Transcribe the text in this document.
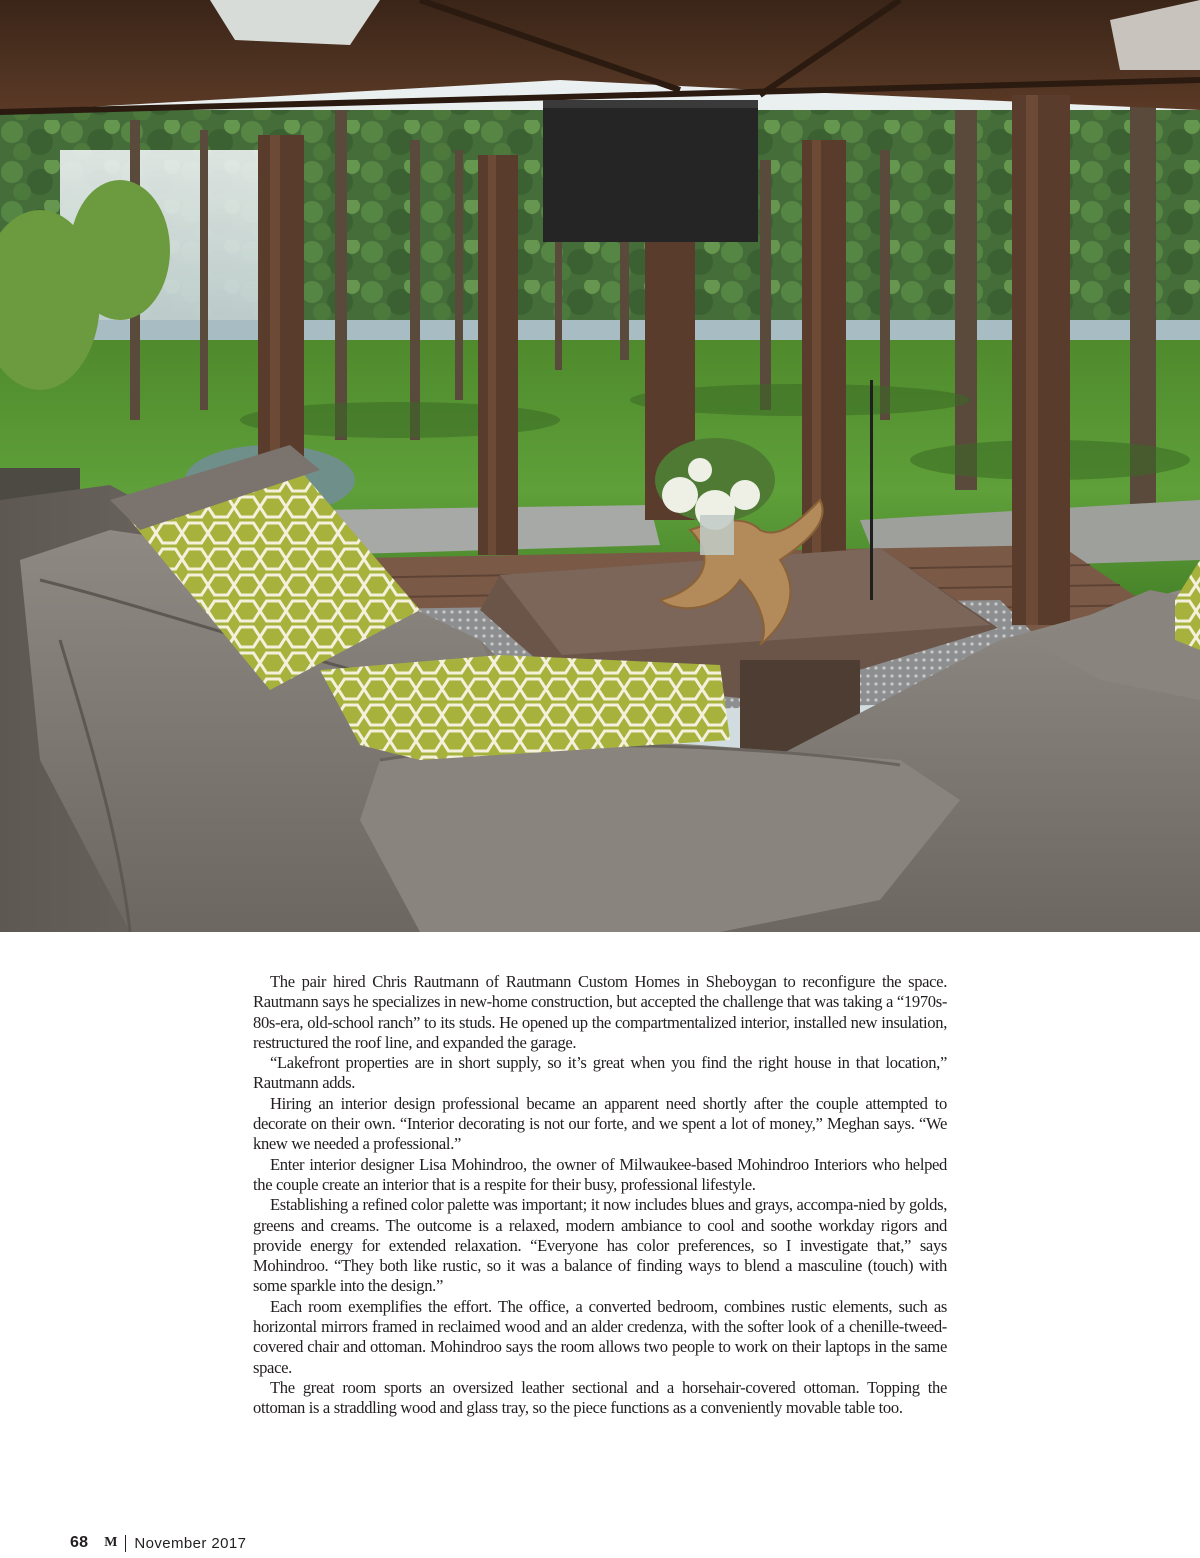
The pair hired Chris Rautmann of Rautmann Custom Homes in Sheboygan to reconfigure the space. Rautmann says he specializes in new-home construction, but accepted the challenge that was taking a “1970s-80s-era, old-school ranch” to its studs. He opened up the compartmentalized interior, installed new insulation, restructured the roof line, and expanded the garage.

“Lakefront properties are in short supply, so it’s great when you find the right house in that location,” Rautmann adds.

Hiring an interior design professional became an apparent need shortly after the couple attempted to decorate on their own. “Interior decorating is not our forte, and we spent a lot of money,” Meghan says. “We knew we needed a professional.”

Enter interior designer Lisa Mohindroo, the owner of Milwaukee-based Mohindroo Interiors who helped the couple create an interior that is a respite for their busy, professional lifestyle.

Establishing a refined color palette was important; it now includes blues and grays, accompa-nied by golds, greens and creams. The outcome is a relaxed, modern ambiance to cool and soothe workday rigors and provide energy for extended relaxation. “Everyone has color preferences, so I investigate that,” says Mohindroo. “They both like rustic, so it was a balance of finding ways to blend a masculine (touch) with some sparkle into the design.”

Each room exemplifies the effort. The office, a converted bedroom, combines rustic elements, such as horizontal mirrors framed in reclaimed wood and an alder credenza, with the softer look of a chenille-tweed-covered chair and ottoman. Mohindroo says the room allows two people to work on their laptops in the same space.

The great room sports an oversized leather sectional and a horsehair-covered ottoman. Topping the ottoman is a straddling wood and glass tray, so the piece functions as a conveniently movable table too.

68 M November 2017
